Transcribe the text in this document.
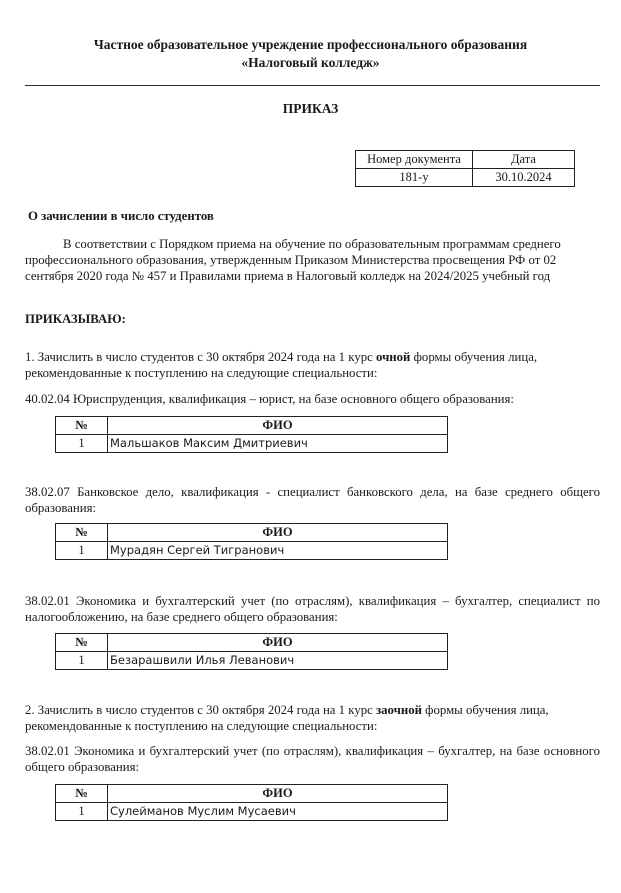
Частное образовательное учреждение профессионального образования
«Налоговый колледж»
ПРИКАЗ
Номер документа	Дата
181-у	30.10.2024
О зачислении в число студентов
В соответствии с Порядком приема на обучение по образовательным программам среднего профессионального образования, утвержденным Приказом Министерства просвещения РФ от 02 сентября 2020 года № 457 и Правилами приема в Налоговый колледж на 2024/2025 учебный год
ПРИКАЗЫВАЮ:
1. Зачислить в число студентов с 30 октября 2024 года на 1 курс очной формы обучения лица, рекомендованные к поступлению на следующие специальности:
40.02.04 Юриспруденция, квалификация – юрист, на базе основного общего образования:
№	ФИО
1	Мальшаков Максим Дмитриевич
38.02.07 Банковское дело, квалификация - специалист банковского дела, на базе среднего общего образования:
№	ФИО
1	Мурадян Сергей Тигранович
38.02.01 Экономика и бухгалтерский учет (по отраслям), квалификация – бухгалтер, специалист по налогообложению, на базе среднего общего образования:
№	ФИО
1	Безарашвили Илья Леванович
2. Зачислить в число студентов с 30 октября 2024 года на 1 курс заочной формы обучения лица, рекомендованные к поступлению на следующие специальности:
38.02.01 Экономика и бухгалтерский учет (по отраслям), квалификация – бухгалтер, на базе основного общего образования:
№	ФИО
1	Сулейманов Муслим Мусаевич
